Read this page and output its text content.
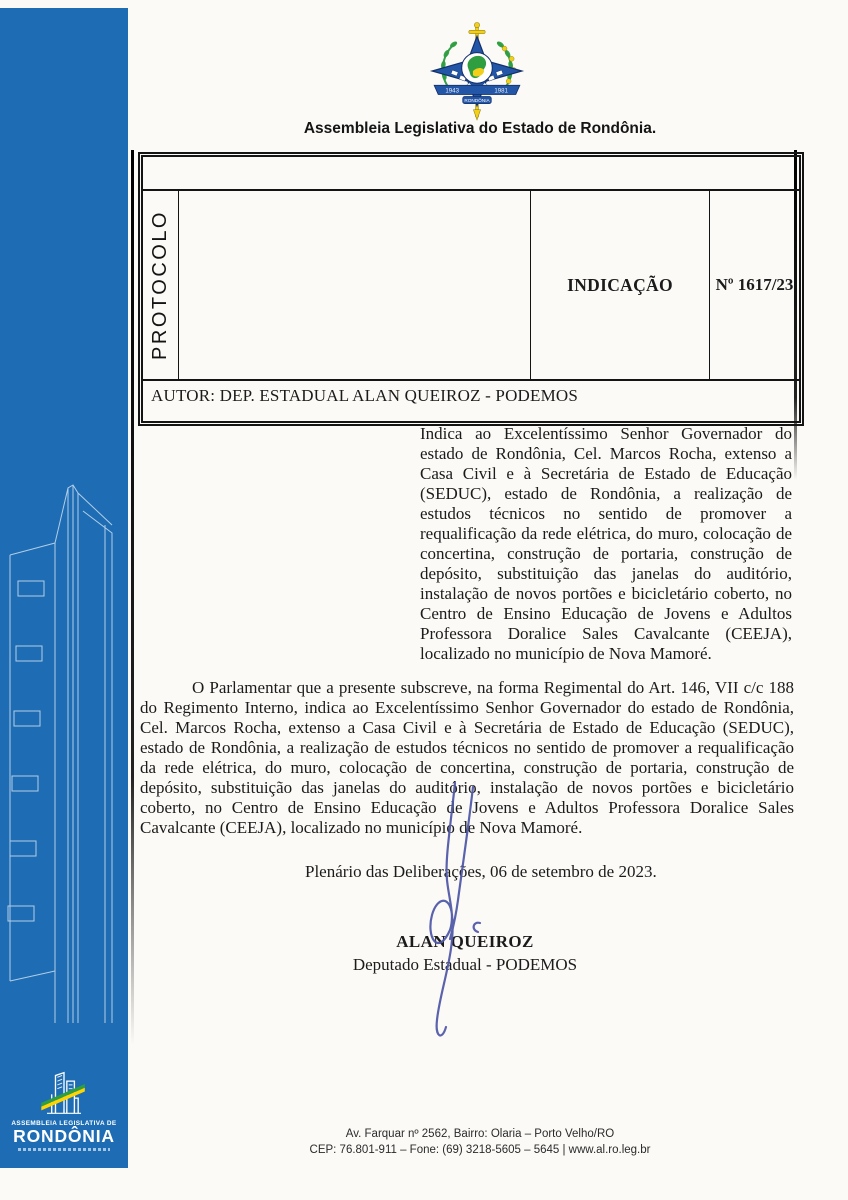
ASSEMBLEIA LEGISLATIVA DE
RONDÔNIA
1943	1981
RONDÔNIA
Assembleia Legislativa do Estado de Rondônia.
PROTOCOLO	INDICAÇÃO	Nº 1617/23
AUTOR: DEP. ESTADUAL ALAN QUEIROZ - PODEMOS
Indica ao Excelentíssimo Senhor Governador do estado de Rondônia, Cel. Marcos Rocha, extenso a Casa Civil e à Secretária de Estado de Educação (SEDUC), estado de Rondônia, a realização de estudos técnicos no sentido de promover a requalificação da rede elétrica, do muro, colocação de concertina, construção de portaria, construção de depósito, substituição das janelas do auditório, instalação de novos portões e bicicletário coberto, no Centro de Ensino Educação de Jovens e Adultos Professora Doralice Sales Cavalcante (CEEJA), localizado no município de Nova Mamoré.
O Parlamentar que a presente subscreve, na forma Regimental do Art. 146, VII c/c 188 do Regimento Interno, indica ao Excelentíssimo Senhor Governador do estado de Rondônia, Cel. Marcos Rocha, extenso a Casa Civil e à Secretária de Estado de Educação (SEDUC), estado de Rondônia, a realização de estudos técnicos no sentido de promover a requalificação da rede elétrica, do muro, colocação de concertina, construção de portaria, construção de depósito, substituição das janelas do auditório, instalação de novos portões e bicicletário coberto, no Centro de Ensino Educação de Jovens e Adultos Professora Doralice Sales Cavalcante (CEEJA), localizado no município de Nova Mamoré.
Plenário das Deliberações, 06 de setembro de 2023.
ALAN QUEIROZ
Deputado Estadual - PODEMOS
Av. Farquar nº 2562, Bairro: Olaria – Porto Velho/RO
CEP: 76.801-911 – Fone: (69) 3218-5605 – 5645 | www.al.ro.leg.br
